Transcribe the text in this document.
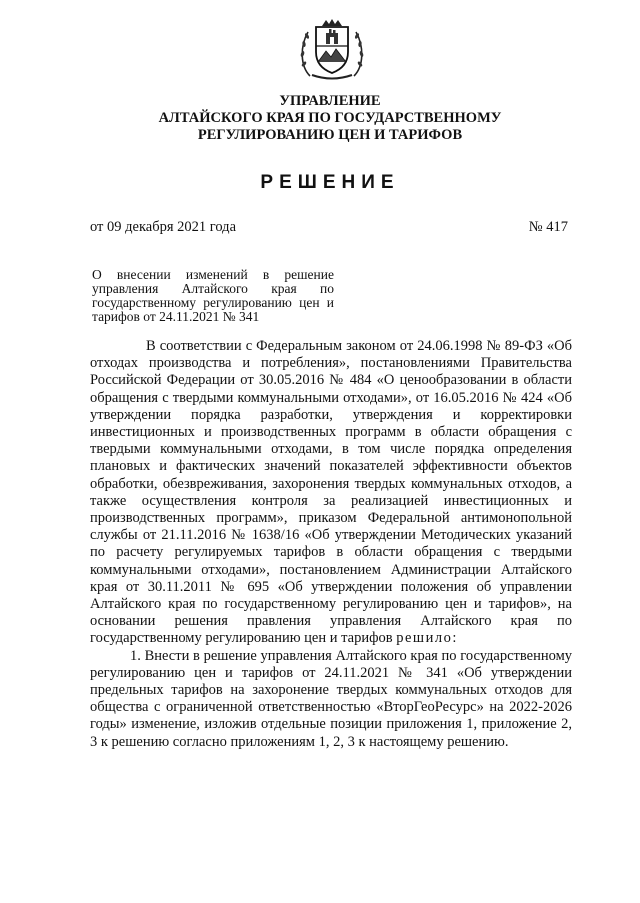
УПРАВЛЕНИЕ
АЛТАЙСКОГО КРАЯ ПО ГОСУДАРСТВЕННОМУ
РЕГУЛИРОВАНИЮ ЦЕН И ТАРИФОВ
РЕШЕНИЕ
от 09 декабря 2021 года	№ 417
О внесении изменений в решение управления Алтайского края по государственному регулированию цен и тарифов от 24.11.2021 № 341

В соответствии с Федеральным законом от 24.06.1998 № 89-ФЗ «Об отходах производства и потребления», постановлениями Правительства Российской Федерации от 30.05.2016 № 484 «О ценообразовании в области обращения с твердыми коммунальными отходами», от 16.05.2016 № 424 «Об утверждении порядка разработки, утверждения и корректировки инвестиционных и производственных программ в области обращения с твердыми коммунальными отходами, в том числе порядка определения плановых и фактических значений показателей эффективности объектов обработки, обезвреживания, захоронения твердых коммунальных отходов, а также осуществления контроля за реализацией инвестиционных и производственных программ», приказом Федеральной антимонопольной службы от 21.11.2016 № 1638/16 «Об утверждении Методических указаний по расчету регулируемых тарифов в области обращения с твердыми коммунальными отходами», постановлением Администрации Алтайского края от 30.11.2011 № 695 «Об утверждении положения об управлении Алтайского края по государственному регулированию цен и тарифов», на основании решения правления управления Алтайского края по государственному регулированию цен и тарифов решило:

1. Внести в решение управления Алтайского края по государственному регулированию цен и тарифов от 24.11.2021 № 341 «Об утверждении предельных тарифов на захоронение твердых коммунальных отходов для общества с ограниченной ответственностью «ВторГеоРесурс» на 2022-2026 годы» изменение, изложив отдельные позиции приложения 1, приложение 2, 3 к решению согласно приложениям 1, 2, 3 к настоящему решению.
